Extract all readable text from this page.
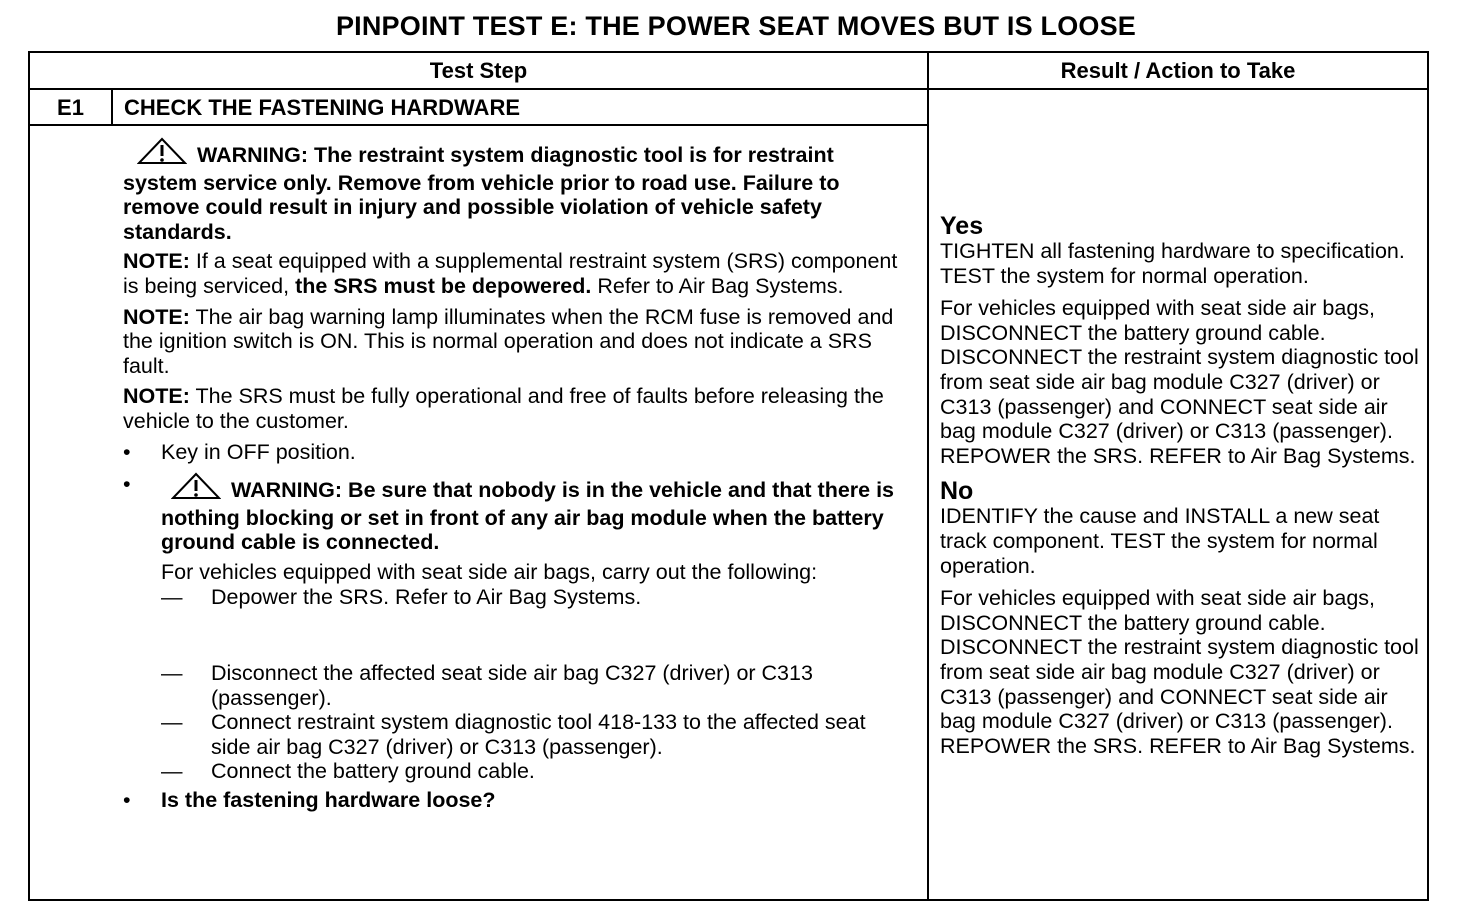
PINPOINT TEST E: THE POWER SEAT MOVES BUT IS LOOSE
Test Step	Result / Action to Take
E1	CHECK THE FASTENING HARDWARE
WARNING: The restraint system diagnostic tool is for restraint system service only. Remove from vehicle prior to road use. Failure to remove could result in injury and possible violation of vehicle safety standards.
NOTE: If a seat equipped with a supplemental restraint system (SRS) component is being serviced, the SRS must be depowered. Refer to Air Bag Systems.
NOTE: The air bag warning lamp illuminates when the RCM fuse is removed and the ignition switch is ON. This is normal operation and does not indicate a SRS fault.
NOTE: The SRS must be fully operational and free of faults before releasing the vehicle to the customer.
•	Key in OFF position.
•	WARNING: Be sure that nobody is in the vehicle and that there is nothing blocking or set in front of any air bag module when the battery ground cable is connected.
For vehicles equipped with seat side air bags, carry out the following:
— Depower the SRS. Refer to Air Bag Systems.
— Disconnect the affected seat side air bag C327 (driver) or C313 (passenger).
— Connect restraint system diagnostic tool 418-133 to the affected seat side air bag C327 (driver) or C313 (passenger).
— Connect the battery ground cable.
•	Is the fastening hardware loose?
Yes
TIGHTEN all fastening hardware to specification. TEST the system for normal operation.
For vehicles equipped with seat side air bags, DISCONNECT the battery ground cable. DISCONNECT the restraint system diagnostic tool from seat side air bag module C327 (driver) or C313 (passenger) and CONNECT seat side air bag module C327 (driver) or C313 (passenger). REPOWER the SRS. REFER to Air Bag Systems.
No
IDENTIFY the cause and INSTALL a new seat track component. TEST the system for normal operation.
For vehicles equipped with seat side air bags, DISCONNECT the battery ground cable. DISCONNECT the restraint system diagnostic tool from seat side air bag module C327 (driver) or C313 (passenger) and CONNECT seat side air bag module C327 (driver) or C313 (passenger). REPOWER the SRS. REFER to Air Bag Systems.
